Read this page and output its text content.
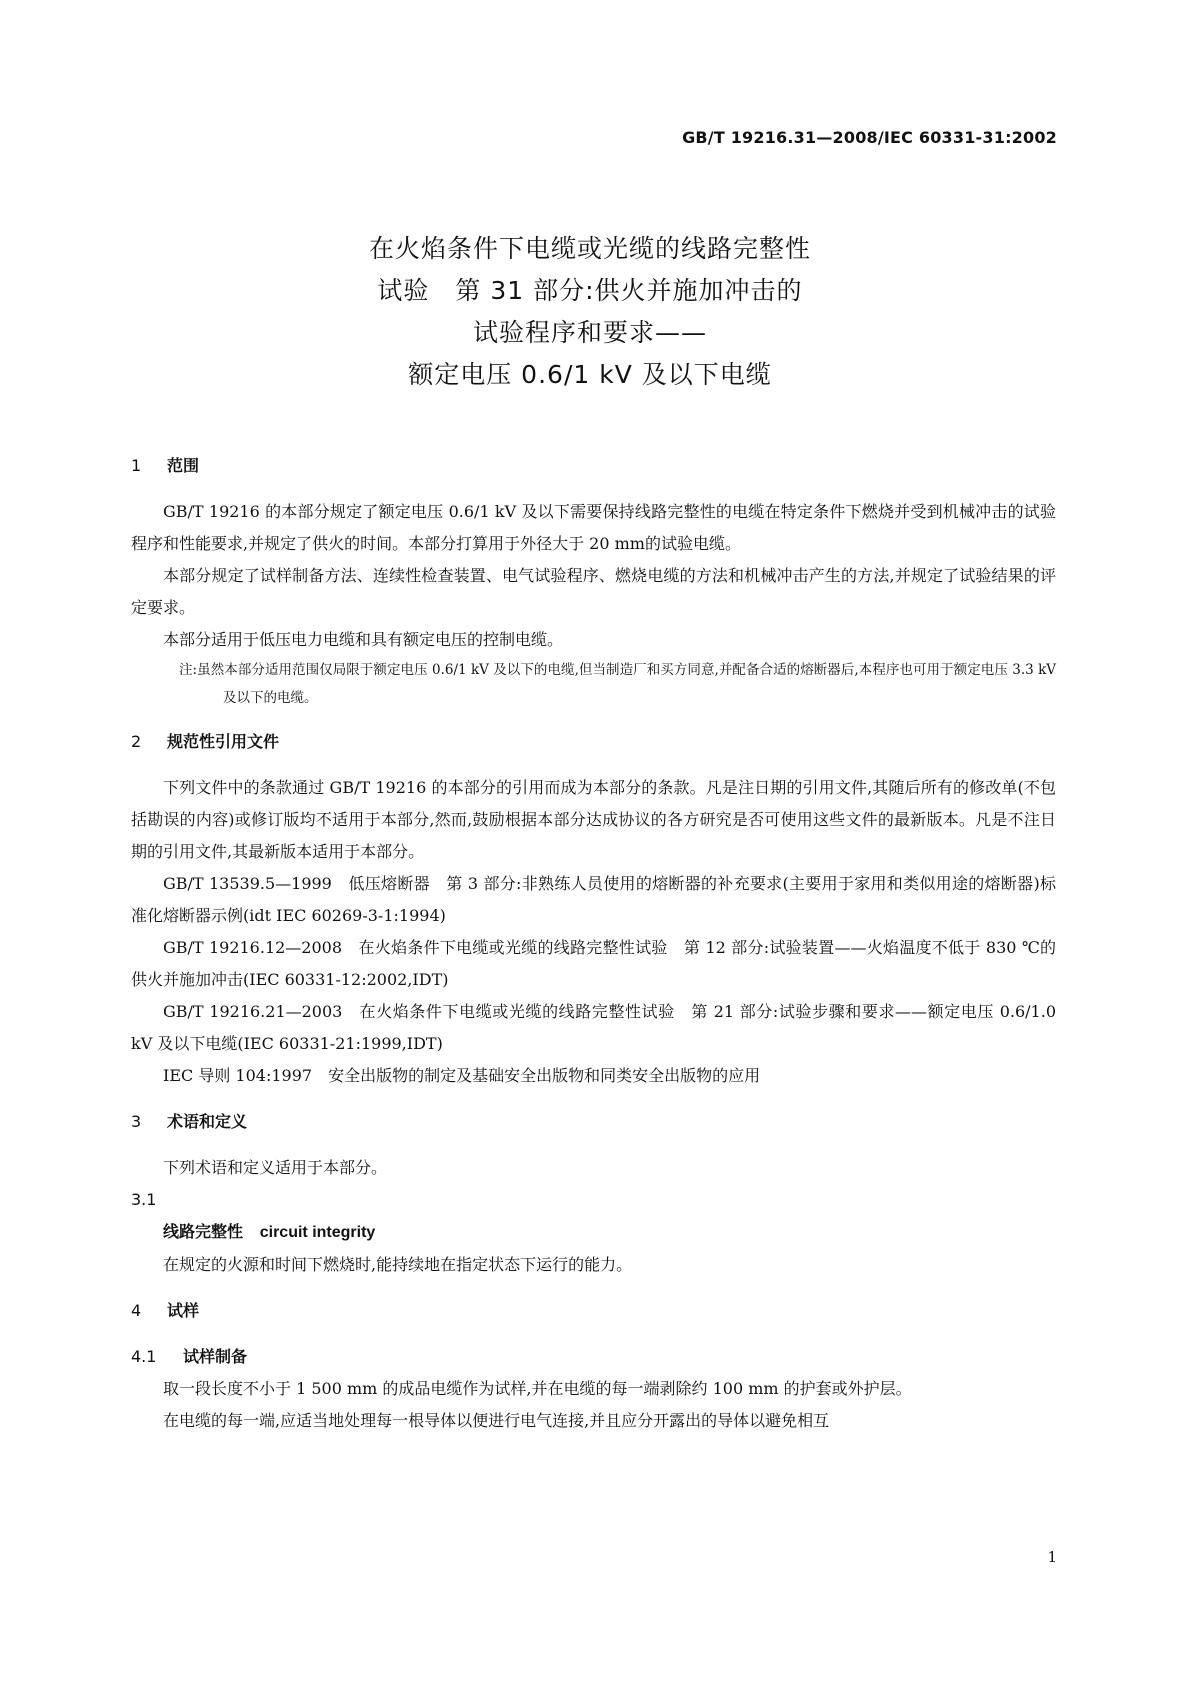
GB/T 19216.31—2008/IEC 60331-31:2002
在火焰条件下电缆或光缆的线路完整性
试验　第 31 部分:供火并施加冲击的
试验程序和要求——
额定电压 0.6/1 kV 及以下电缆
1 范围
GB/T 19216 的本部分规定了额定电压 0.6/1 kV 及以下需要保持线路完整性的电缆在特定条件下燃烧并受到机械冲击的试验程序和性能要求,并规定了供火的时间。本部分打算用于外径大于 20 mm的试验电缆。
本部分规定了试样制备方法、连续性检查装置、电气试验程序、燃烧电缆的方法和机械冲击产生的方法,并规定了试验结果的评定要求。
本部分适用于低压电力电缆和具有额定电压的控制电缆。
注:虽然本部分适用范围仅局限于额定电压 0.6/1 kV 及以下的电缆,但当制造厂和买方同意,并配备合适的熔断器后,本程序也可用于额定电压 3.3 kV 及以下的电缆。
2 规范性引用文件
下列文件中的条款通过 GB/T 19216 的本部分的引用而成为本部分的条款。凡是注日期的引用文件,其随后所有的修改单(不包括勘误的内容)或修订版均不适用于本部分,然而,鼓励根据本部分达成协议的各方研究是否可使用这些文件的最新版本。凡是不注日期的引用文件,其最新版本适用于本部分。
GB/T 13539.5—1999　低压熔断器　第 3 部分:非熟练人员使用的熔断器的补充要求(主要用于家用和类似用途的熔断器)标准化熔断器示例(idt IEC 60269-3-1:1994)
GB/T 19216.12—2008　在火焰条件下电缆或光缆的线路完整性试验　第 12 部分:试验装置——火焰温度不低于 830 ℃的供火并施加冲击(IEC 60331-12:2002,IDT)
GB/T 19216.21—2003　在火焰条件下电缆或光缆的线路完整性试验　第 21 部分:试验步骤和要求——额定电压 0.6/1.0 kV 及以下电缆(IEC 60331-21:1999,IDT)
IEC 导则 104:1997　安全出版物的制定及基础安全出版物和同类安全出版物的应用
3 术语和定义
下列术语和定义适用于本部分。
3.1
线路完整性 circuit integrity
在规定的火源和时间下燃烧时,能持续地在指定状态下运行的能力。
4 试样
4.1 试样制备
取一段长度不小于 1 500 mm 的成品电缆作为试样,并在电缆的每一端剥除约 100 mm 的护套或外护层。
在电缆的每一端,应适当地处理每一根导体以便进行电气连接,并且应分开露出的导体以避免相互
1
